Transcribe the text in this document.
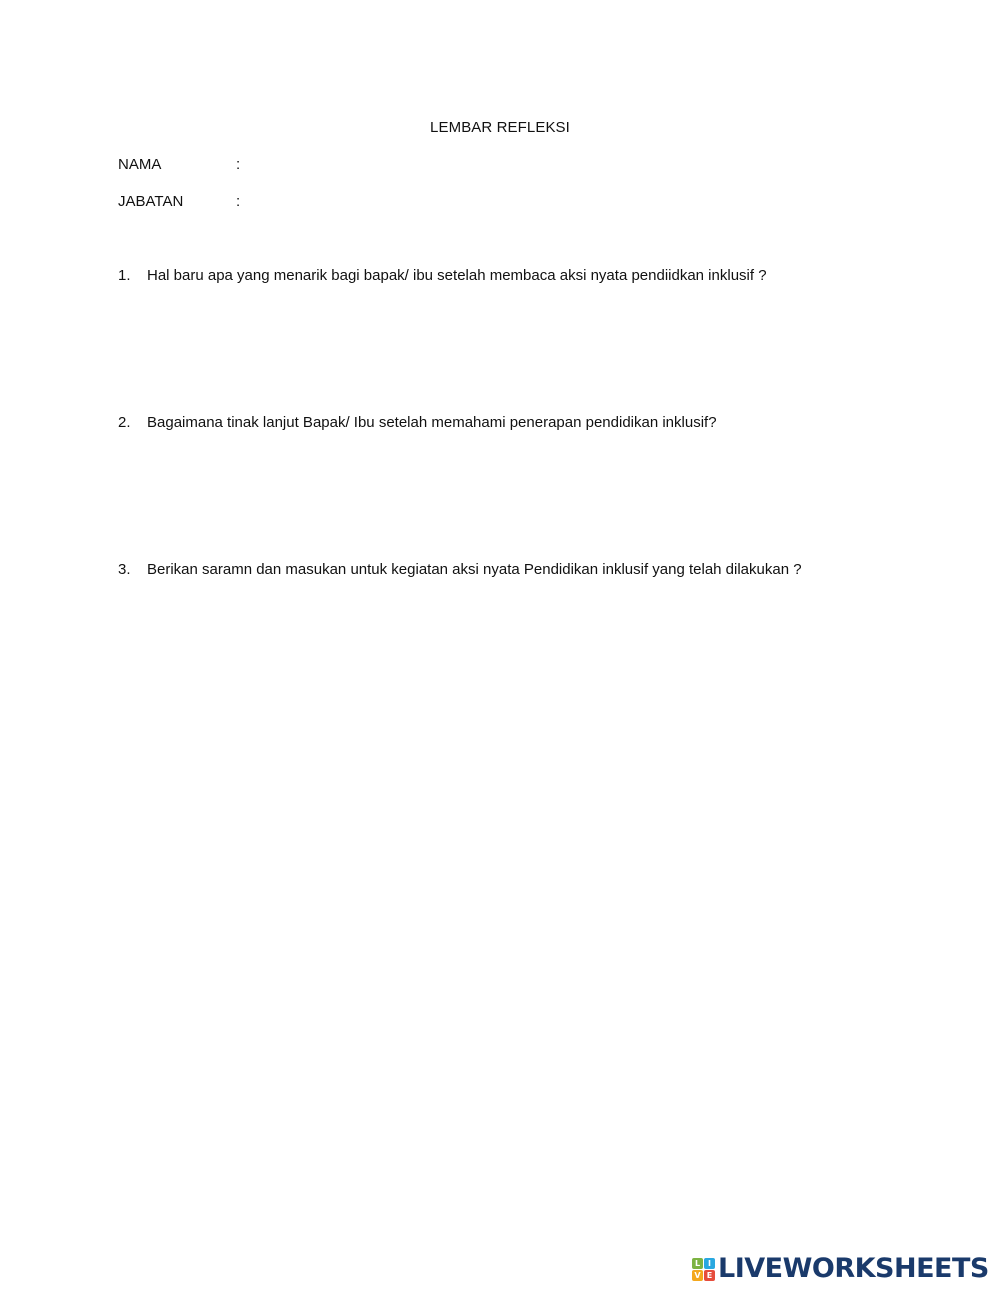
LEMBAR REFLEKSI
NAMA	:
JABATAN	:
1.	Hal baru apa yang menarik bagi bapak/ ibu setelah membaca aksi nyata pendiidkan inklusif ?
2.	Bagaimana tinak lanjut Bapak/ Ibu setelah memahami penerapan pendidikan inklusif?
3.	Berikan saramn dan masukan untuk kegiatan aksi nyata Pendidikan inklusif yang telah dilakukan ?
L I
V E LIVEWORKSHEETS
